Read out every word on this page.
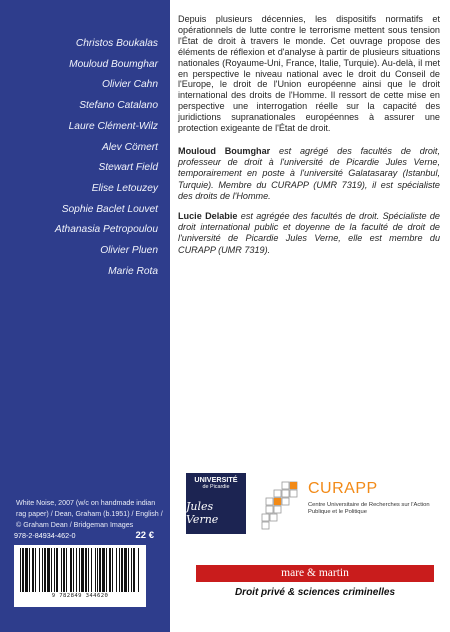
Christos Boukalas
Mouloud Boumghar
Olivier Cahn
Stefano Catalano
Laure Clément-Wilz
Alev Cömert
Stewart Field
Elise Letouzey
Sophie Baclet Louvet
Athanasia Petropoulou
Olivier Pluen
Marie Rota
White Noise, 2007 (w/c on handmade indian rag paper) / Dean, Graham (b.1951) / English / © Graham Dean / Bridgeman Images
978-2-84934-462-0	22 €
9 782849 344620

Depuis plusieurs décennies, les dispositifs normatifs et opérationnels de lutte contre le terrorisme mettent sous tension l'État de droit à travers le monde. Cet ouvrage propose des éléments de réflexion et d'analyse à partir de plusieurs situations nationales (Royaume-Uni, France, Italie, Turquie). Au-delà, il met en perspective le niveau national avec le droit du Conseil de l'Europe, le droit de l'Union européenne ainsi que le droit international des droits de l'Homme. Il ressort de cette mise en perspective une interrogation réelle sur la capacité des juridictions supranationales européennes à assurer une protection exigeante de l'État de droit.

Mouloud Boumghar est agrégé des facultés de droit, professeur de droit à l'université de Picardie Jules Verne, temporairement en poste à l'université Galatasaray (Istanbul, Turquie). Membre du CURAPP (UMR 7319), il est spécialiste des droits de l'Homme.

Lucie Delabie est agrégée des facultés de droit. Spécialiste de droit international public et doyenne de la faculté de droit de l'université de Picardie Jules Verne, elle est membre du CURAPP (UMR 7319).

UNIVERSITÉ
de Picardie
Jules Verne
CURAPP
Centre Universitaire de Recherches sur l'Action Publique et le Politique
mare & martin
Droit privé & sciences criminelles
